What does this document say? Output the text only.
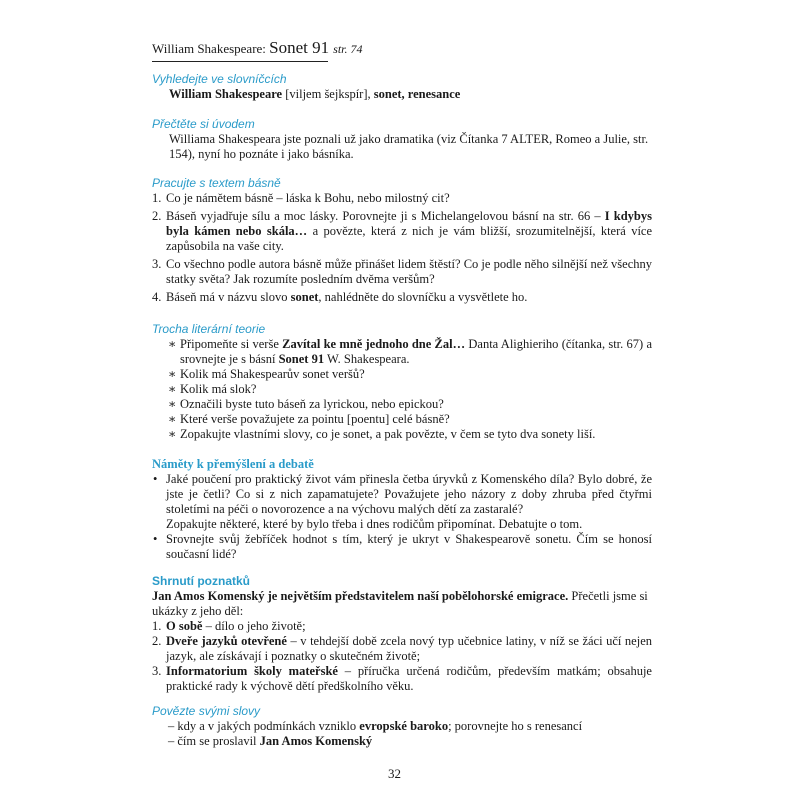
William Shakespeare: Sonet 91 str. 74
Vyhledejte ve slovníčcích
William Shakespeare [viljem šejkspír], sonet, renesance
Přečtěte si úvodem
Williama Shakespeara jste poznali už jako dramatika (viz Čítanka 7 ALTER, Romeo a Julie, str. 154), nyní ho poznáte i jako básníka.
Pracujte s textem básně
1. Co je námětem básně – láska k Bohu, nebo milostný cit?
2. Báseň vyjadřuje sílu a moc lásky. Porovnejte ji s Michelangelovou básní na str. 66 – I kdybys byla kámen nebo skála… a povězte, která z nich je vám bližší, srozumitelnější, která více zapůsobila na vaše city.
3. Co všechno podle autora básně může přinášet lidem štěstí? Co je podle něho silnější než všechny statky světa? Jak rozumíte posledním dvěma veršům?
4. Báseň má v názvu slovo sonet, nahlédněte do slovníčku a vysvětlete ho.
Trocha literární teorie
∗ Připomeňte si verše Zavítal ke mně jednoho dne Žal… Danta Alighieriho (čítanka, str. 67) a srovnejte je s básní Sonet 91 W. Shakespeara.
∗ Kolik má Shakespearův sonet veršů?
∗ Kolik má slok?
∗ Označili byste tuto báseň za lyrickou, nebo epickou?
∗ Které verše považujete za pointu [poentu] celé básně?
∗ Zopakujte vlastními slovy, co je sonet, a pak povězte, v čem se tyto dva sonety liší.
Náměty k přemýšlení a debatě
• Jaké poučení pro praktický život vám přinesla četba úryvků z Komenského díla? Bylo dobré, že jste je četli? Co si z nich zapamatujete? Považujete jeho názory z doby zhruba před čtyřmi stoletími na péči o novorozence a na výchovu malých dětí za zastaralé?
Zopakujte některé, které by bylo třeba i dnes rodičům připomínat. Debatujte o tom.
• Srovnejte svůj žebříček hodnot s tím, který je ukryt v Shakespearově sonetu. Čím se honosí současní lidé?
Shrnutí poznatků
Jan Amos Komenský je největším představitelem naší pobělohorské emigrace. Přečetli jsme si ukázky z jeho děl:
1. O sobě – dílo o jeho životě;
2. Dveře jazyků otevřené – v tehdejší době zcela nový typ učebnice latiny, v níž se žáci učí nejen jazyk, ale získávají i poznatky o skutečném životě;
3. Informatorium školy mateřské – příručka určená rodičům, především matkám; obsahuje praktické rady k výchově dětí předškolního věku.
Povězte svými slovy
– kdy a v jakých podmínkách vzniklo evropské baroko; porovnejte ho s renesancí
– čím se proslavil Jan Amos Komenský
32
